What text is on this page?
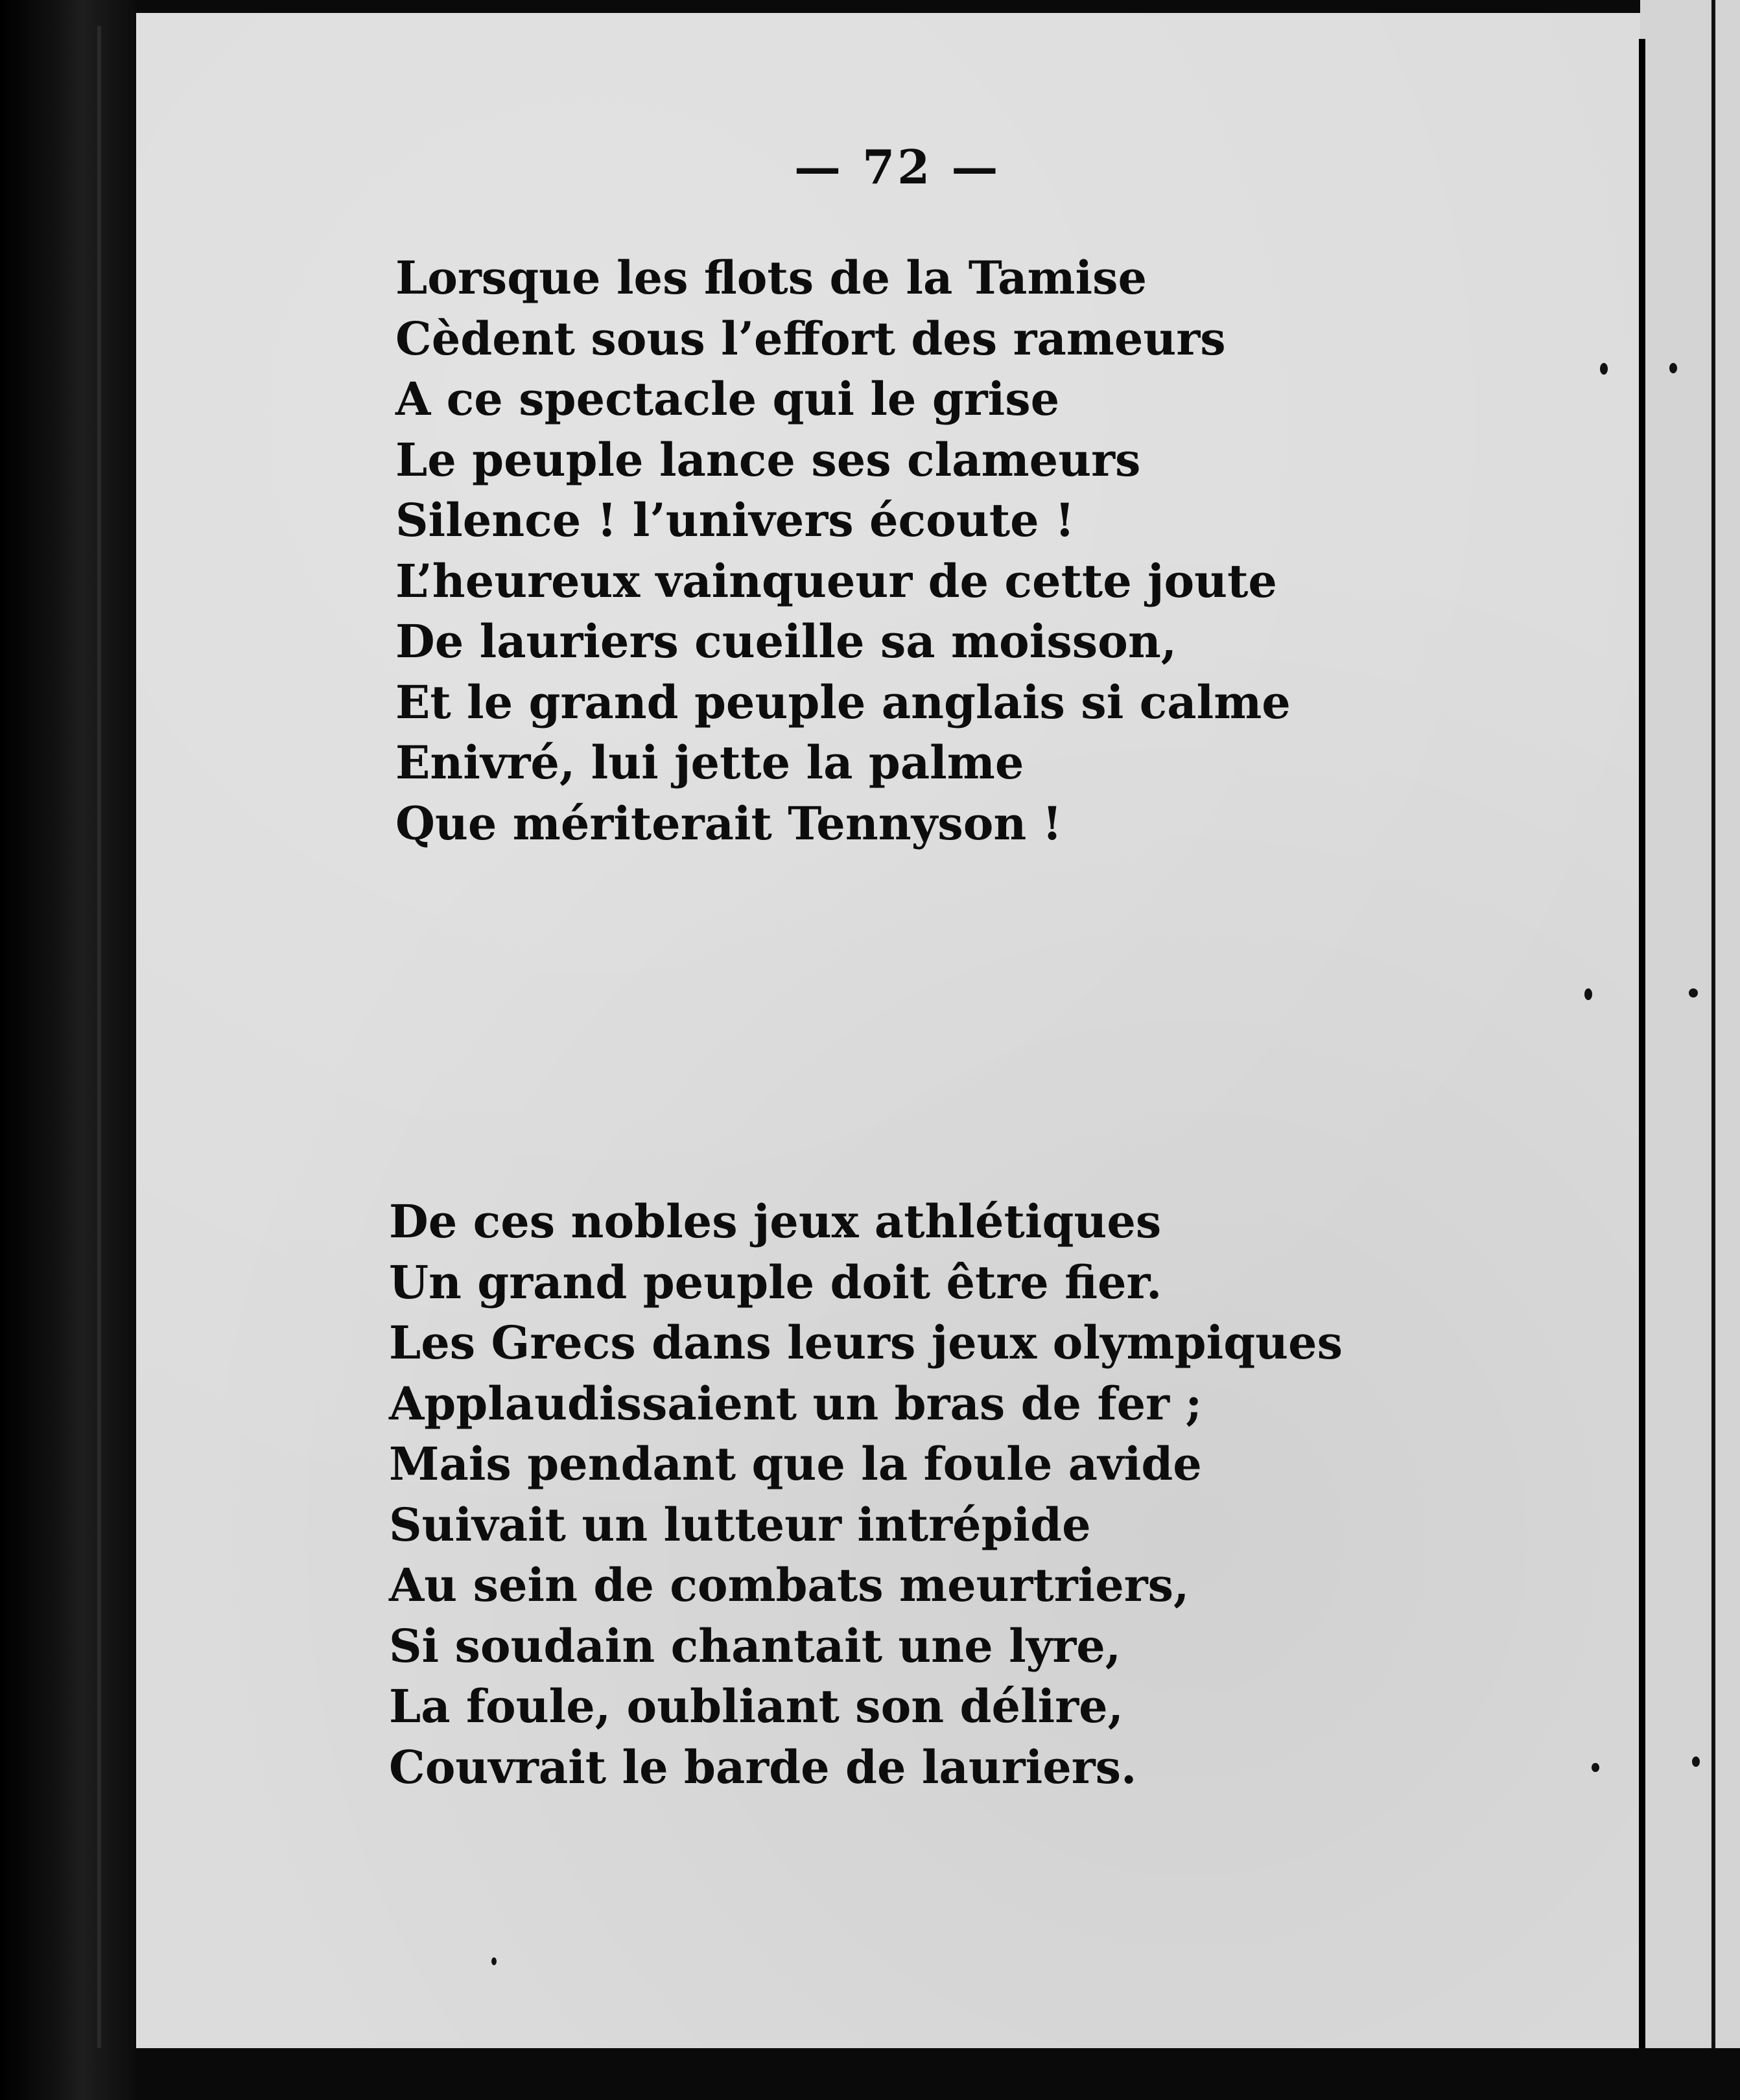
— 72 —
Lorsque les flots de la Tamise
Cèdent sous l’effort des rameurs
A ce spectacle qui le grise
Le peuple lance ses clameurs
Silence ! l’univers écoute !
L’heureux vainqueur de cette joute
De lauriers cueille sa moisson,
Et le grand peuple anglais si calme
Enivré, lui jette la palme
Que mériterait Tennyson !
De ces nobles jeux athlétiques
Un grand peuple doit être fier.
Les Grecs dans leurs jeux olympiques
Applaudissaient un bras de fer ;
Mais pendant que la foule avide
Suivait un lutteur intrépide
Au sein de combats meurtriers,
Si soudain chantait une lyre,
La foule, oubliant son délire,
Couvrait le barde de lauriers.
